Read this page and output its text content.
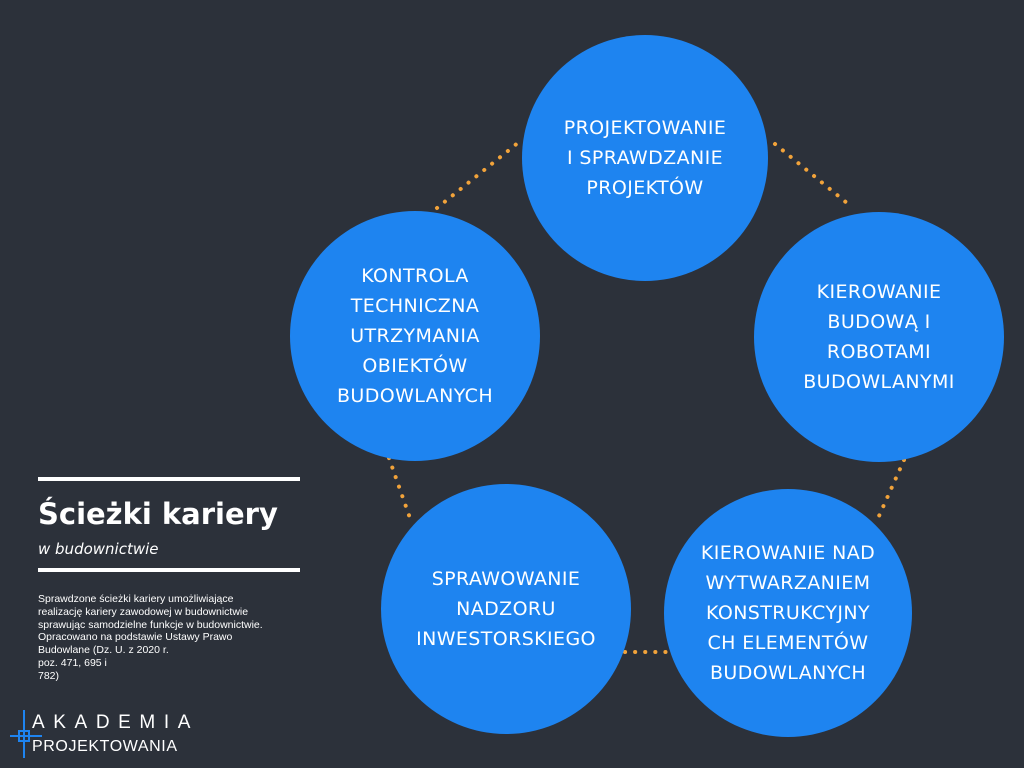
PROJEKTOWANIE
I SPRAWDZANIE
PROJEKTÓW
KIEROWANIE
BUDOWĄ I
ROBOTAMI
BUDOWLANYMI
KIEROWANIE NAD
WYTWARZANIEM
KONSTRUKCYJNY
CH ELEMENTÓW
BUDOWLANYCH
SPRAWOWANIE
NADZORU
INWESTORSKIEGO
KONTROLA
TECHNICZNA
UTRZYMANIA
OBIEKTÓW
BUDOWLANYCH
Ścieżki kariery
w budownictwie
Sprawdzone ścieżki kariery umożliwiające
realizację kariery zawodowej w budownictwie
sprawując samodzielne funkcje w budownictwie.
Opracowano na podstawie Ustawy Prawo
Budowlane (Dz. U. z 2020 r.
poz. 471, 695 i
782)
AKADEMIA
PROJEKTOWANIA
